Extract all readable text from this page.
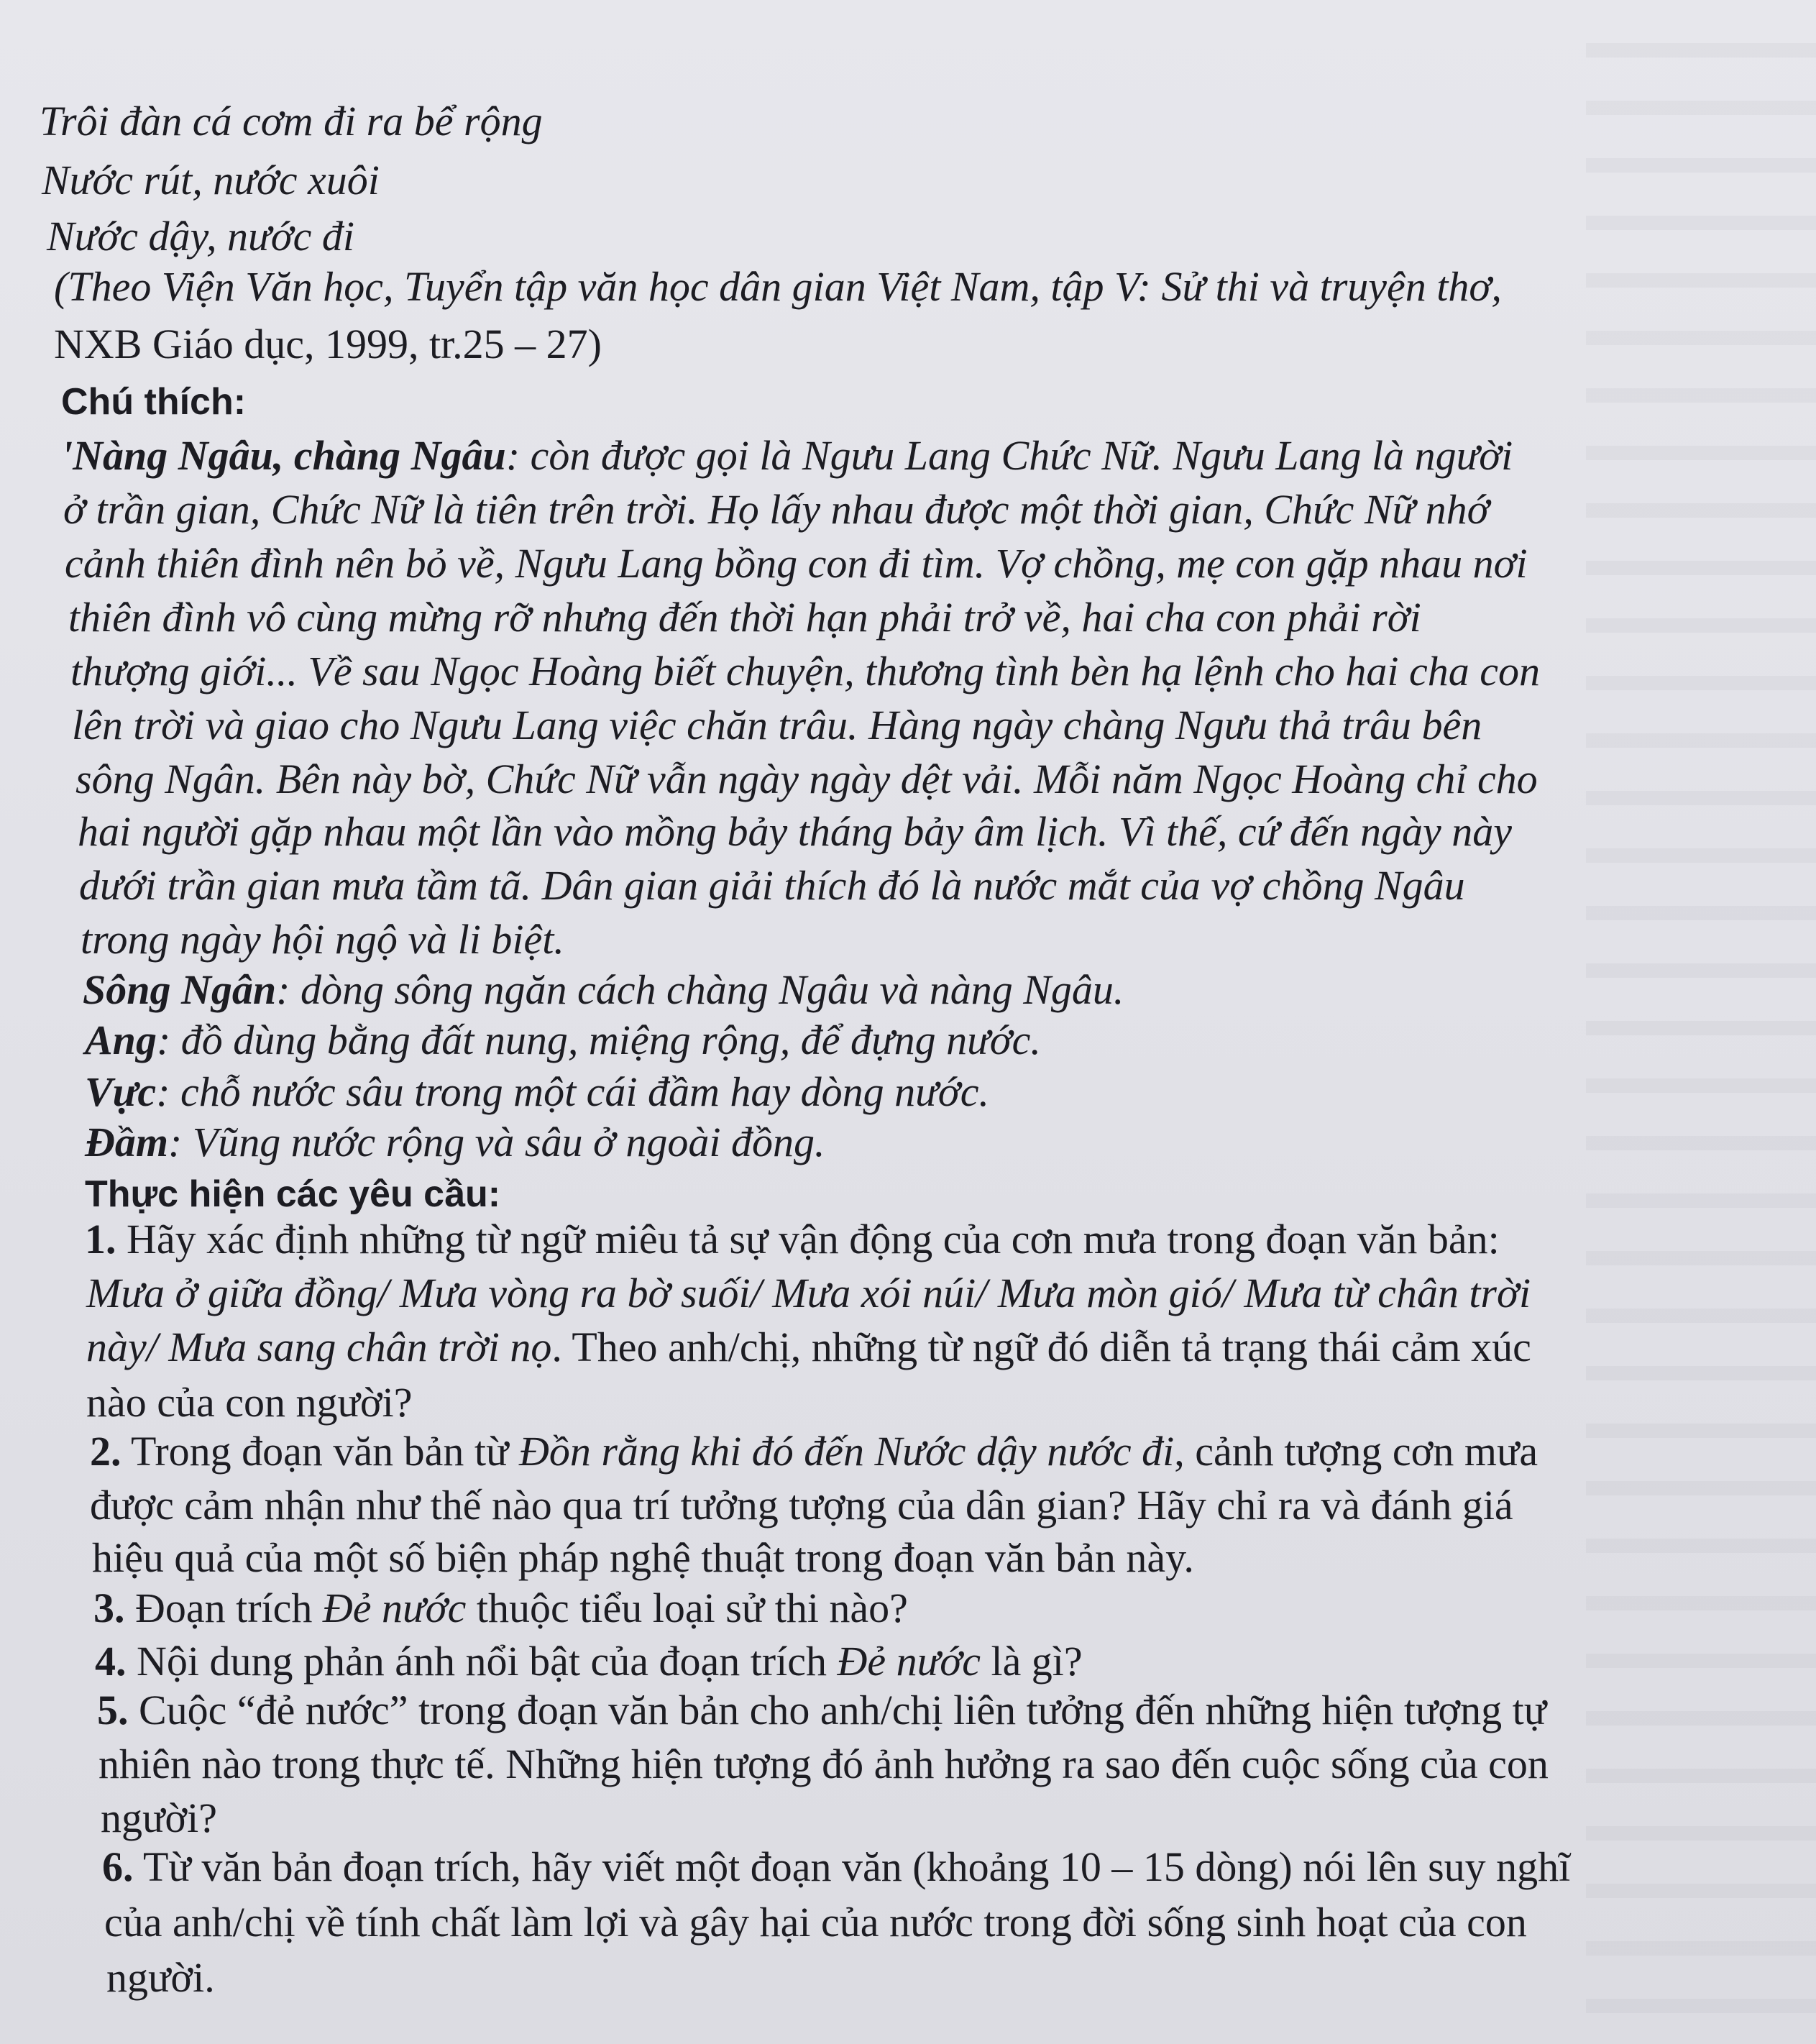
Trôi đàn cá cơm đi ra bể rộng
Nước rút, nước xuôi
Nước dậy, nước đi
(Theo Viện Văn học, Tuyển tập văn học dân gian Việt Nam, tập V: Sử thi và truyện thơ,
NXB Giáo dục, 1999, tr.25 – 27)
Chú thích:
'Nàng Ngâu, chàng Ngâu: còn được gọi là Ngưu Lang Chức Nữ. Ngưu Lang là người
ở trần gian, Chức Nữ là tiên trên trời. Họ lấy nhau được một thời gian, Chức Nữ nhớ
cảnh thiên đình nên bỏ về, Ngưu Lang bồng con đi tìm. Vợ chồng, mẹ con gặp nhau nơi
thiên đình vô cùng mừng rỡ nhưng đến thời hạn phải trở về, hai cha con phải rời
thượng giới... Về sau Ngọc Hoàng biết chuyện, thương tình bèn hạ lệnh cho hai cha con
lên trời và giao cho Ngưu Lang việc chăn trâu. Hàng ngày chàng Ngưu thả trâu bên
sông Ngân. Bên này bờ, Chức Nữ vẫn ngày ngày dệt vải. Mỗi năm Ngọc Hoàng chỉ cho
hai người gặp nhau một lần vào mồng bảy tháng bảy âm lịch. Vì thế, cứ đến ngày này
dưới trần gian mưa tầm tã. Dân gian giải thích đó là nước mắt của vợ chồng Ngâu
trong ngày hội ngộ và li biệt.
Sông Ngân: dòng sông ngăn cách chàng Ngâu và nàng Ngâu.
Ang: đồ dùng bằng đất nung, miệng rộng, để đựng nước.
Vực: chỗ nước sâu trong một cái đầm hay dòng nước.
Đầm: Vũng nước rộng và sâu ở ngoài đồng.
Thực hiện các yêu cầu:
1. Hãy xác định những từ ngữ miêu tả sự vận động của cơn mưa trong đoạn văn bản:
Mưa ở giữa đồng/ Mưa vòng ra bờ suối/ Mưa xói núi/ Mưa mòn gió/ Mưa từ chân trời
này/ Mưa sang chân trời nọ. Theo anh/chị, những từ ngữ đó diễn tả trạng thái cảm xúc
nào của con người?
2. Trong đoạn văn bản từ Đồn rằng khi đó đến Nước dậy nước đi, cảnh tượng cơn mưa
được cảm nhận như thế nào qua trí tưởng tượng của dân gian? Hãy chỉ ra và đánh giá
hiệu quả của một số biện pháp nghệ thuật trong đoạn văn bản này.
3. Đoạn trích Đẻ nước thuộc tiểu loại sử thi nào?
4. Nội dung phản ánh nổi bật của đoạn trích Đẻ nước là gì?
5. Cuộc “đẻ nước” trong đoạn văn bản cho anh/chị liên tưởng đến những hiện tượng tự
nhiên nào trong thực tế. Những hiện tượng đó ảnh hưởng ra sao đến cuộc sống của con
người?
6. Từ văn bản đoạn trích, hãy viết một đoạn văn (khoảng 10 – 15 dòng) nói lên suy nghĩ
của anh/chị về tính chất làm lợi và gây hại của nước trong đời sống sinh hoạt của con
người.
